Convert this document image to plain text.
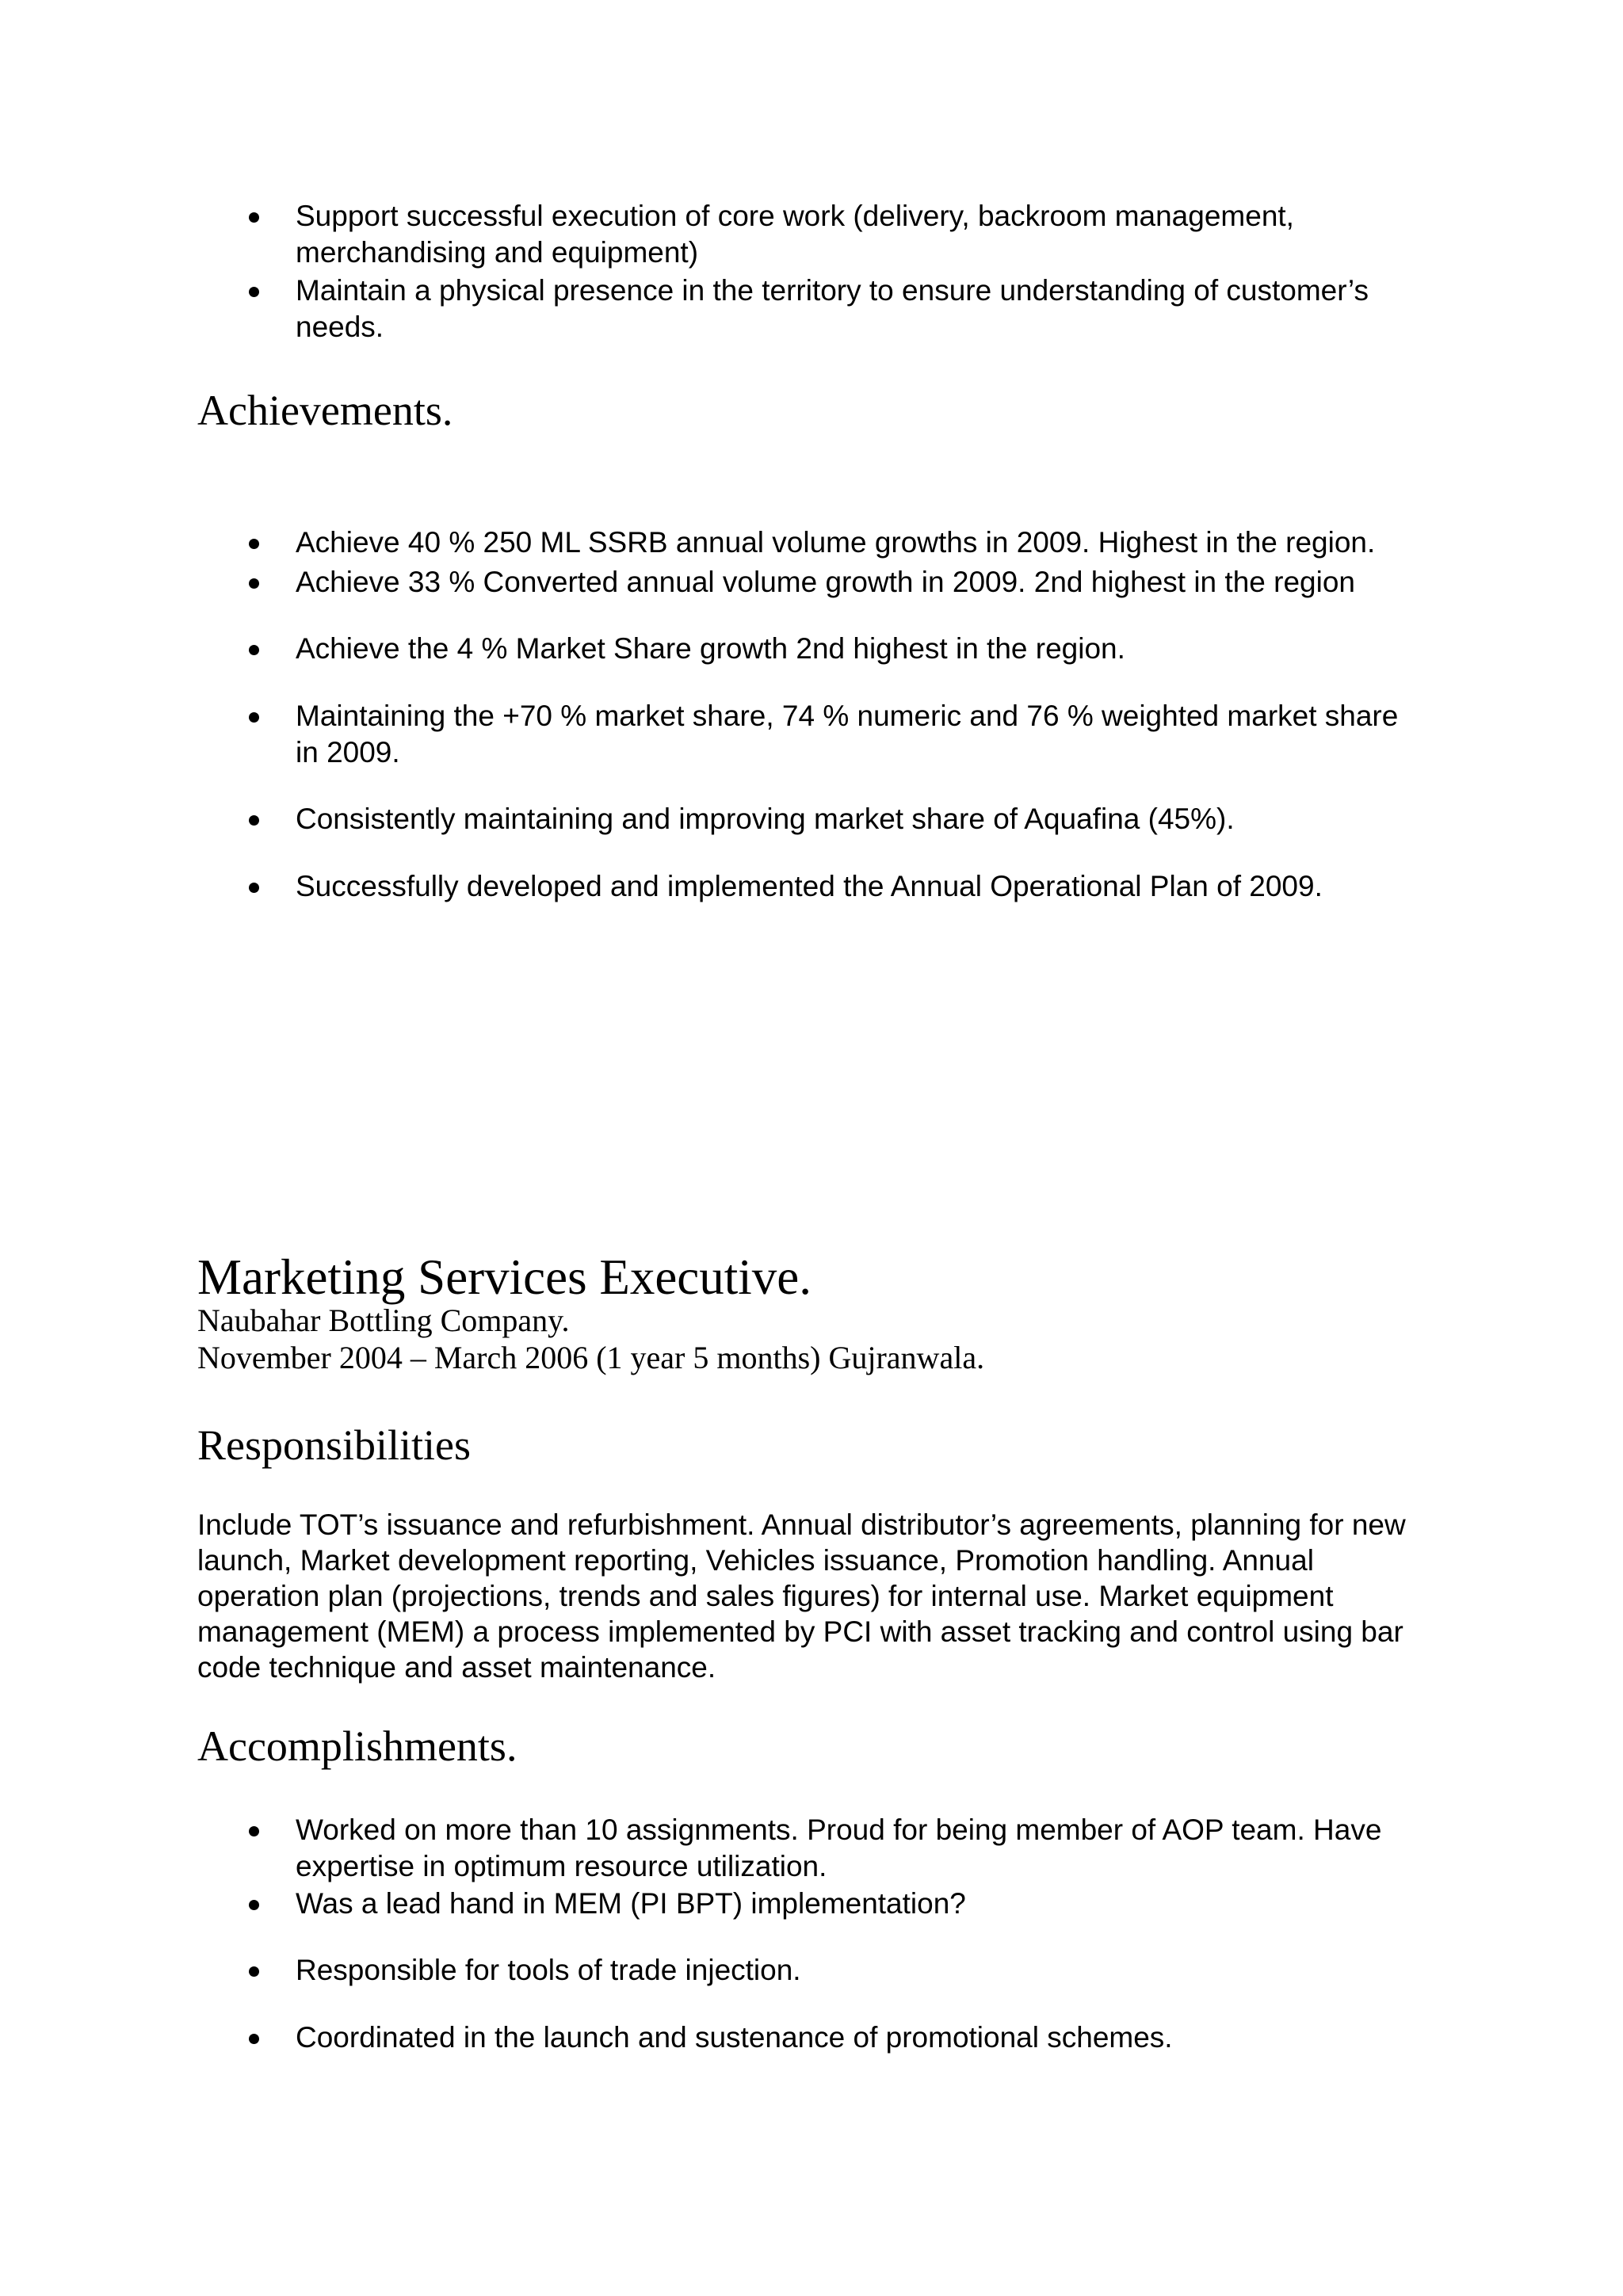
Support successful execution of core work (delivery, backroom management, merchandising and equipment)
Maintain a physical presence in the territory to ensure understanding of customer’s needs.
Achievements.
Achieve 40 % 250 ML SSRB annual volume growths in 2009. Highest in the region.
Achieve 33 % Converted annual volume growth in 2009. 2nd highest in the region
Achieve the 4 % Market Share growth 2nd highest in the region.
Maintaining the +70 % market share, 74 % numeric and 76 % weighted market share in 2009.
Consistently maintaining and improving market share of Aquafina (45%).
Successfully developed and implemented the Annual Operational Plan of 2009.
Marketing Services Executive.

Naubahar Bottling Company.

November 2004 – March 2006 (1 year 5 months) Gujranwala.

Responsibilities

Include TOT’s issuance and refurbishment. Annual distributor’s agreements, planning for new launch, Market development reporting, Vehicles issuance, Promotion handling. Annual operation plan (projections, trends and sales figures) for internal use. Market equipment management (MEM) a process implemented by PCI with asset tracking and control using bar code technique and asset maintenance.

Accomplishments.
Worked on more than 10 assignments. Proud for being member of AOP team. Have expertise in optimum resource utilization.
Was a lead hand in MEM (PI BPT) implementation?
Responsible for tools of trade injection.
Coordinated in the launch and sustenance of promotional schemes.
